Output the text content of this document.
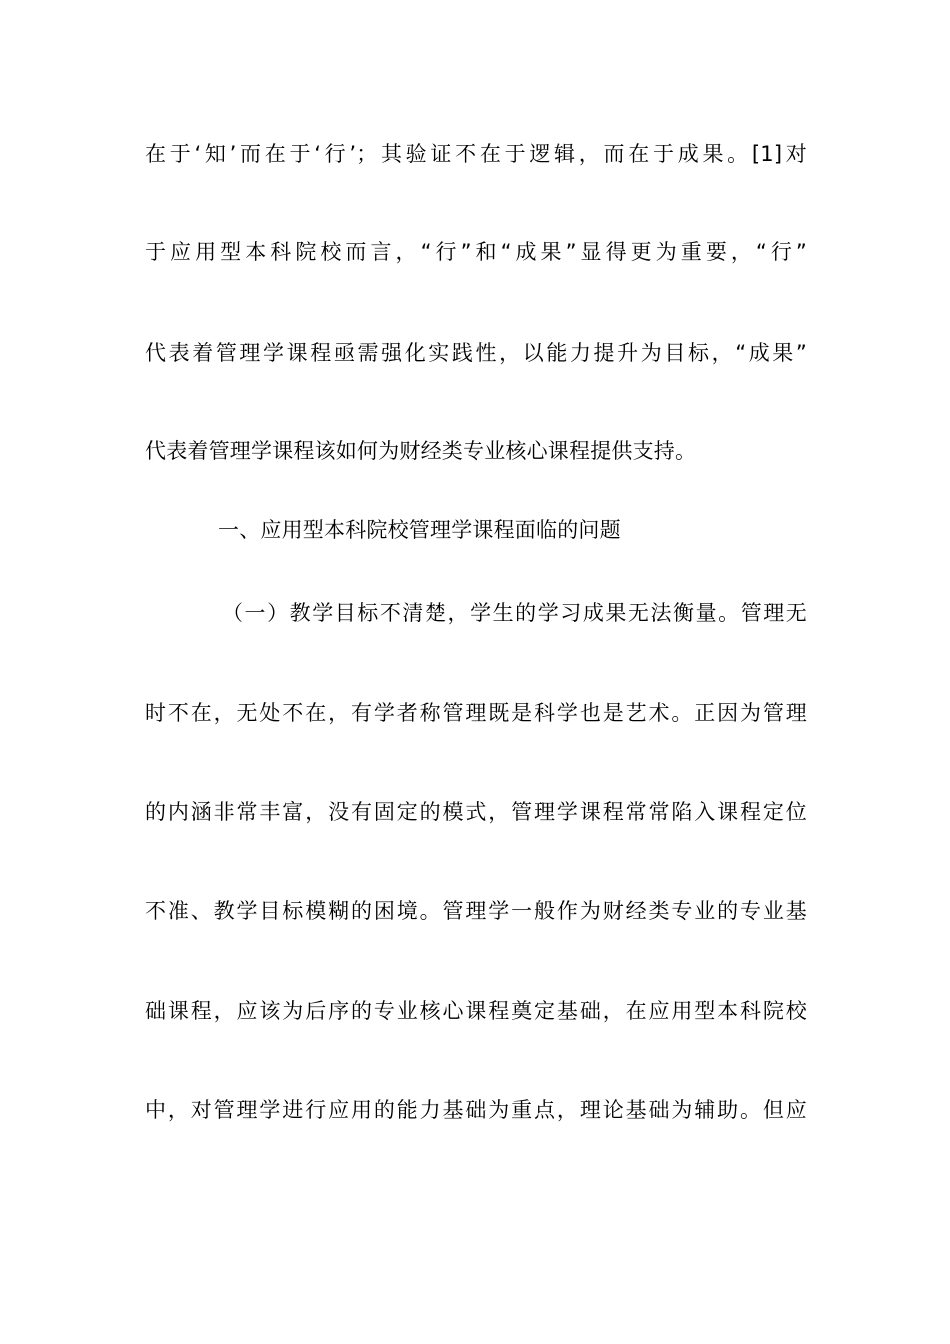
在于‘知’而在于‘行’；其验证不在于逻辑，而在于成果。[1]对
于应用型本科院校而言，“行”和“成果”显得更为重要，“行”
代表着管理学课程亟需强化实践性，以能力提升为目标，“成果”
代表着管理学课程该如何为财经类专业核心课程提供支持。
一、应用型本科院校管理学课程面临的问题
（一）教学目标不清楚，学生的学习成果无法衡量。管理无
时不在，无处不在，有学者称管理既是科学也是艺术。正因为管理
的内涵非常丰富，没有固定的模式，管理学课程常常陷入课程定位
不准、教学目标模糊的困境。管理学一般作为财经类专业的专业基
础课程，应该为后序的专业核心课程奠定基础，在应用型本科院校
中，对管理学进行应用的能力基础为重点，理论基础为辅助。但应
